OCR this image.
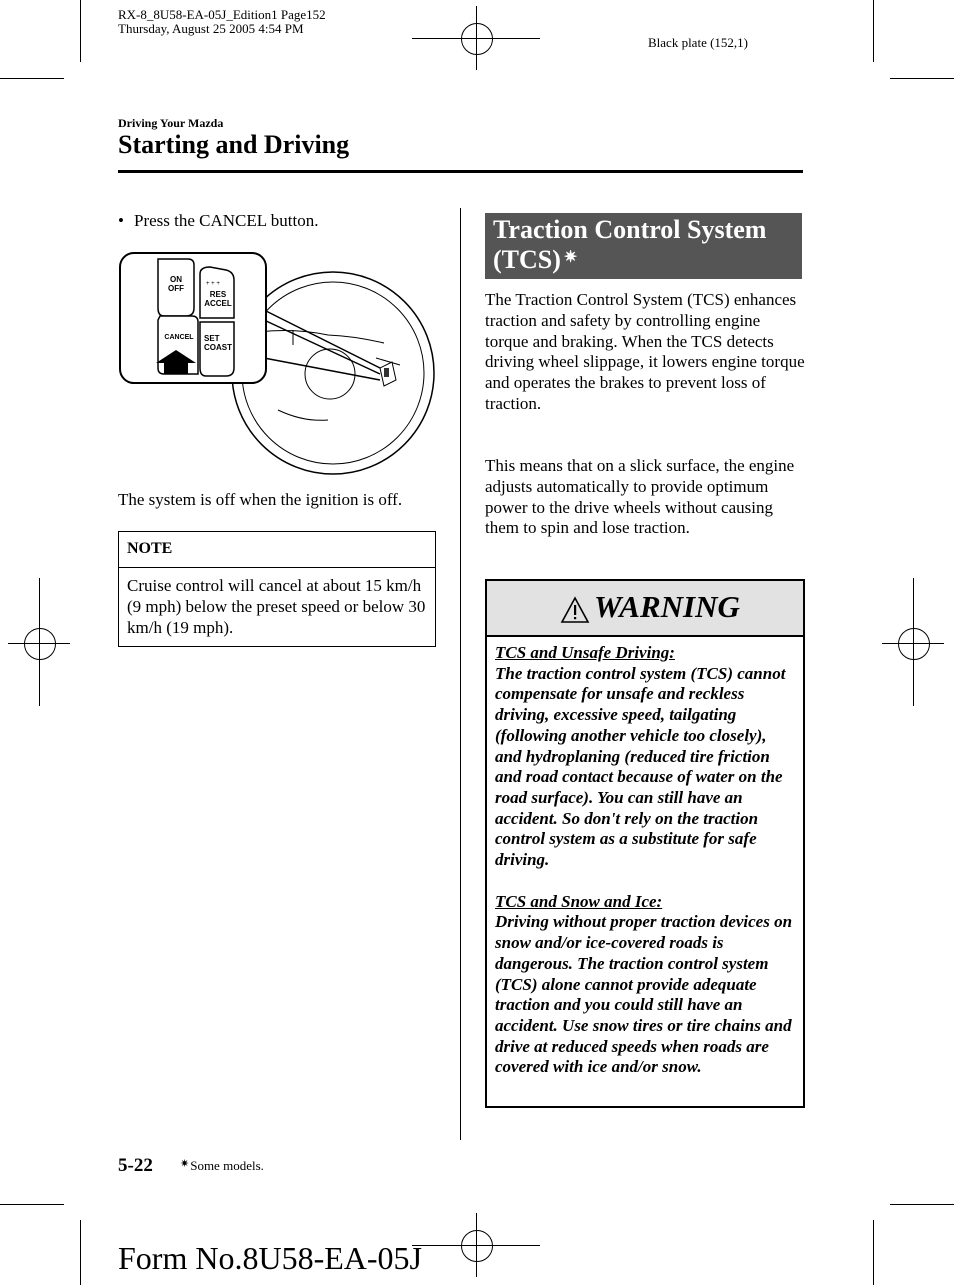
RX-8_8U58-EA-05J_Edition1 Page152
Thursday, August 25 2005 4:54 PM
Black plate (152,1)
Driving Your Mazda
Starting and Driving
• Press the CANCEL button.
+ + +
ON
OFF
RES
ACCEL
CANCEL	SET
COAST
The system is off when the ignition is off.
NOTE
Cruise control will cancel at about 15 km/h (9 mph) below the preset speed or below 30 km/h (19 mph).
Traction Control System
(TCS) ✷
The Traction Control System (TCS) enhances traction and safety by controlling engine torque and braking. When the TCS detects driving wheel slippage, it lowers engine torque and operates the brakes to prevent loss of traction.
This means that on a slick surface, the engine adjusts automatically to provide optimum power to the drive wheels without causing them to spin and lose traction.
WARNING
TCS and Unsafe Driving:
The traction control system (TCS) cannot compensate for unsafe and reckless driving, excessive speed, tailgating (following another vehicle too closely), and hydroplaning (reduced tire friction and road contact because of water on the road surface). You can still have an accident. So don't rely on the traction control system as a substitute for safe driving.
TCS and Snow and Ice:
Driving without proper traction devices on snow and/or ice-covered roads is dangerous. The traction control system (TCS) alone cannot provide adequate traction and you could still have an accident. Use snow tires or tire chains and drive at reduced speeds when roads are covered with ice and/or snow.
5-22 ✷Some models.
Form No.8U58-EA-05J
